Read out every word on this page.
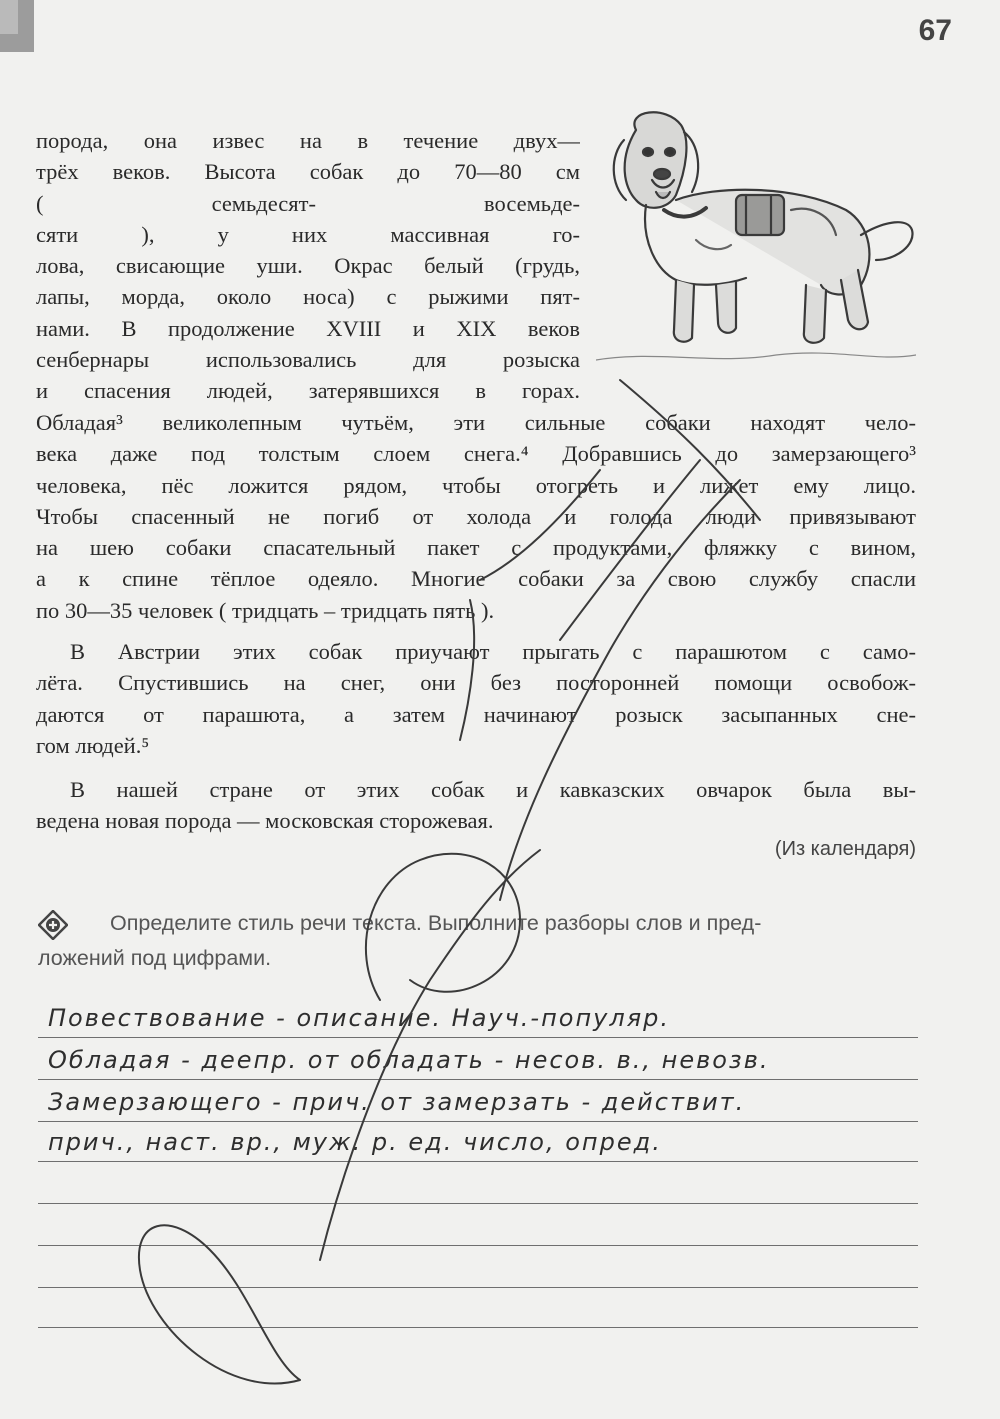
67
порода, она извес на в течение двух—
трёх веков. Высота собак до 70—80 см
( семьдесят- восемьде-
сяти ), у них массивная го-
лова, свисающие уши. Окрас белый (грудь,
лапы, морда, около носа) с рыжими пят-
нами. В продолжение XVIII и XIX веков
сенбернары использовались для розыска
и спасения людей, затерявшихся в горах.
Обладая³ великолепным чутьём, эти сильные собаки находят чело-
века даже под толстым слоем снега.⁴ Добравшись до замерзающего³
человека, пёс ложится рядом, чтобы отогреть и лижет ему лицо.
Чтобы спасенный не погиб от холода и голода люди привязывают
на шею собаки спасательный пакет с продуктами, фляжку с вином,
а к спине тёплое одеяло. Многие собаки за свою службу спасли
по 30—35 человек ( тридцать – тридцать пять ).
В Австрии этих собак приучают прыгать с парашютом с само-
лёта. Спустившись на снег, они без посторонней помощи освобож-
даются от парашюта, а затем начинают розыск засыпанных сне-
гом людей.⁵
В нашей стране от этих собак и кавказских овчарок была вы-
ведена новая порода — московская сторожевая.
(Из календаря)
Определите стиль речи текста. Выполните разборы слов и пред-
ложений под цифрами.
Повествование - описание. Науч.-популяр.
Обладая - деепр. от обладать - несов. в., невозв.
Замерзающего - прич. от замерзать - действит.
прич., наст. вр., муж. р. ед. число, опред.
